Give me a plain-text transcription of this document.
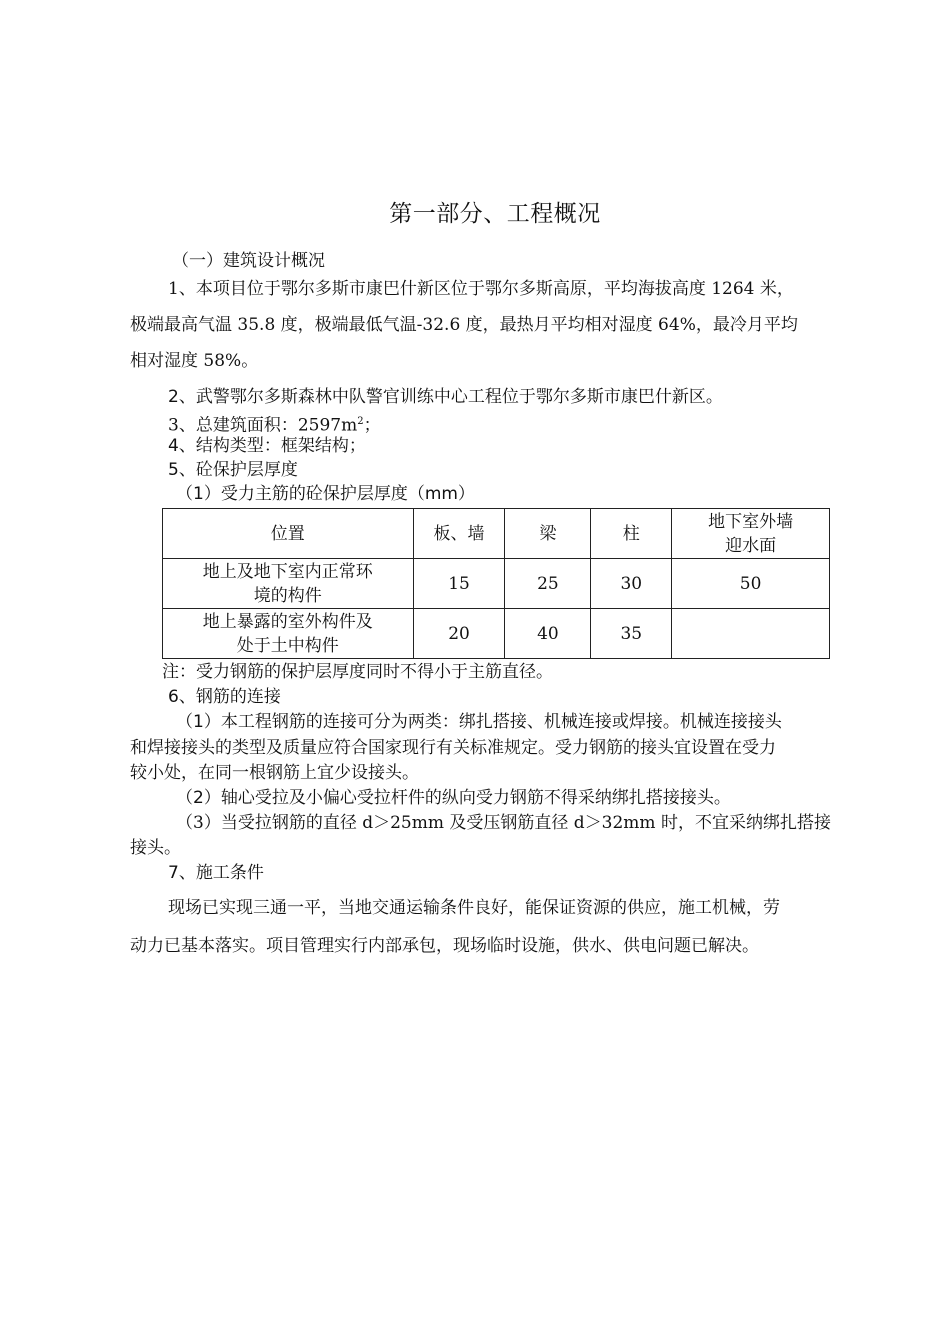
第一部分、工程概况
（一）建筑设计概况
1、本项目位于鄂尔多斯市康巴什新区位于鄂尔多斯高原，平均海拔高度 1264 米，
极端最高气温 35.8 度，极端最低气温-32.6 度，最热月平均相对湿度 64%，最冷月平均
相对湿度 58%。
2、武警鄂尔多斯森林中队警官训练中心工程位于鄂尔多斯市康巴什新区。
3、总建筑面积：$2597m^2$；
4、结构类型：框架结构；
5、砼保护层厚度
（1）受力主筋的砼保护层厚度（mm）
位置	板、墙	梁	柱	地下室外墙
迎水面

地上及地下室内正常环
境的构件	15	25	30	50

地上暴露的室外构件及
处于土中构件	20	40	35	
注：受力钢筋的保护层厚度同时不得小于主筋直径。
6、钢筋的连接
（1）本工程钢筋的连接可分为两类：绑扎搭接、机械连接或焊接。机械连接接头
和焊接接头的类型及质量应符合国家现行有关标准规定。受力钢筋的接头宜设置在受力
较小处，在同一根钢筋上宜少设接头。
（2）轴心受拉及小偏心受拉杆件的纵向受力钢筋不得采纳绑扎搭接接头。
（3）当受拉钢筋的直径 d＞25mm 及受压钢筋直径 d＞32mm 时，不宜采纳绑扎搭接
接头。
7、施工条件
现场已实现三通一平，当地交通运输条件良好，能保证资源的供应，施工机械，劳
动力已基本落实。项目管理实行内部承包，现场临时设施，供水、供电问题已解决。
